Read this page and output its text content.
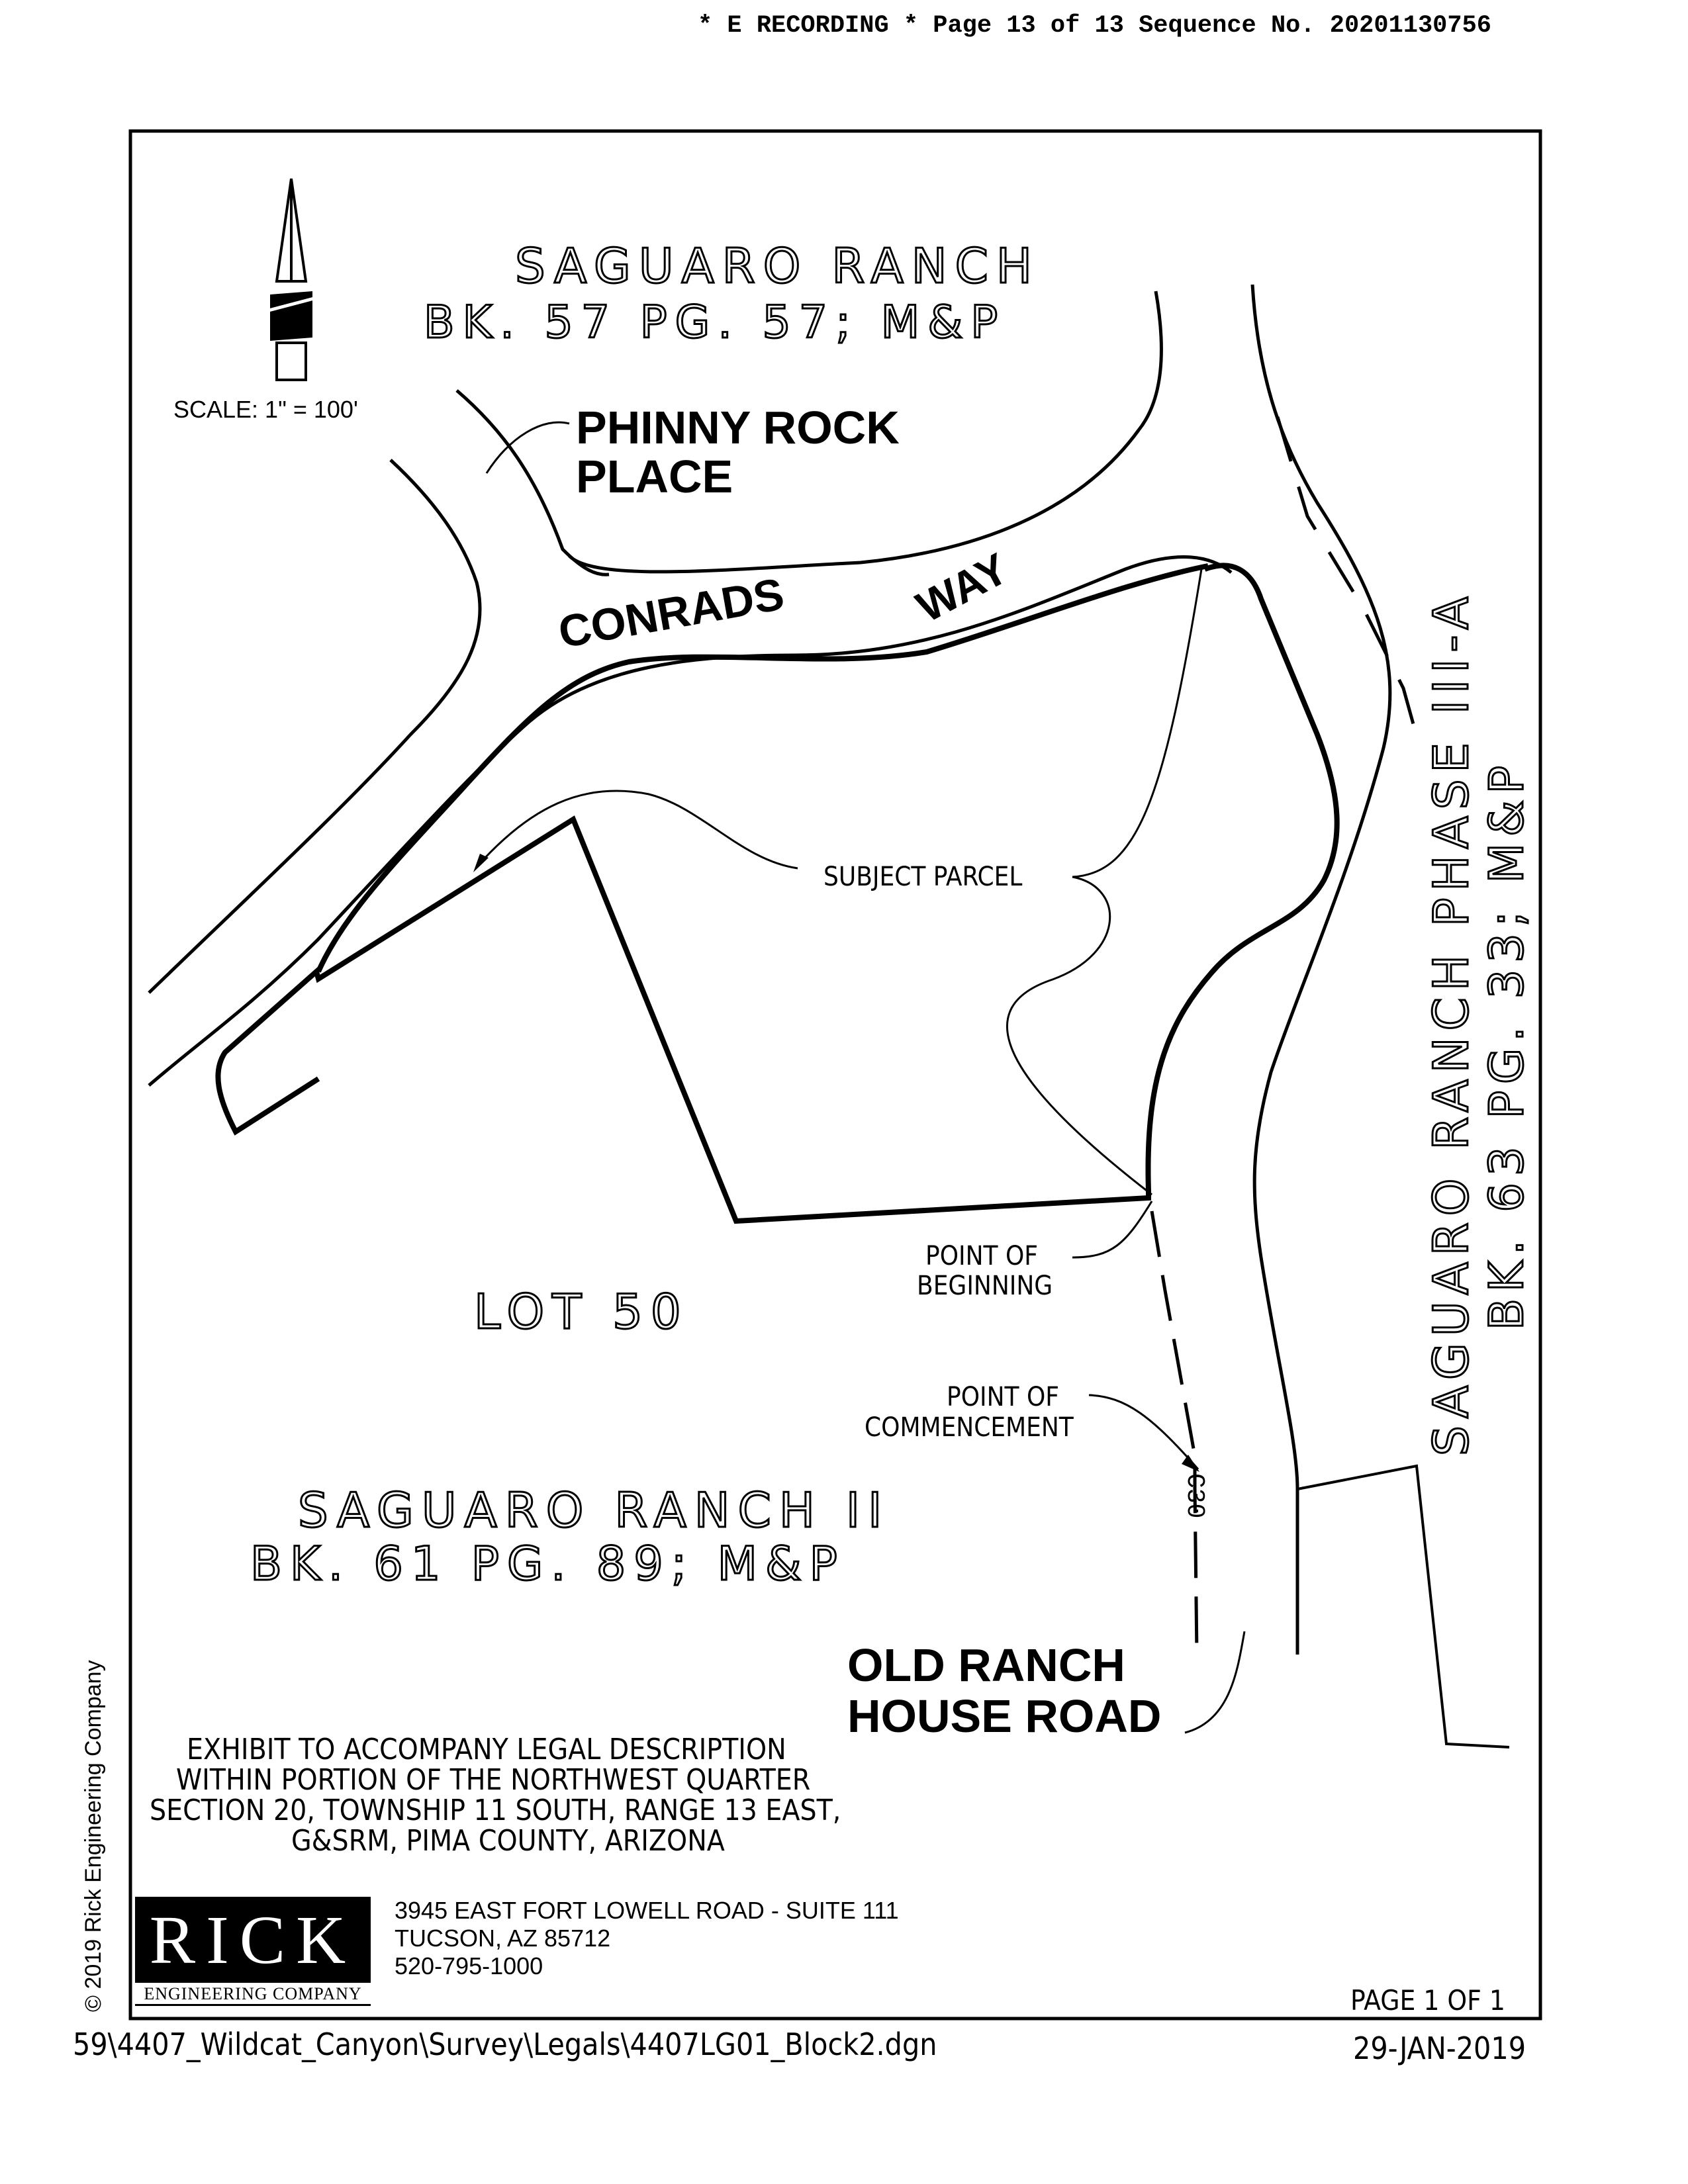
* E RECORDING * Page 13 of 13 Sequence No. 20201130756
SAGUARO RANCH
BK. 57 PG. 57; M&P
SCALE: 1" = 100'	PHINNY ROCK
PLACE
CONRADS	WAY
SUBJECT PARCEL
POINT OF
BEGINNING
LOT 50
POINT OF
COMMENCEMENT
C30
SAGUARO RANCH II
BK. 61 PG. 89; M&P
OLD RANCH
HOUSE ROAD
SAGUARO RANCH PHASE III-A BK. 63 PG. 33; M&P
EXHIBIT TO ACCOMPANY LEGAL DESCRIPTION
WITHIN PORTION OF THE NORTHWEST QUARTER
SECTION 20, TOWNSHIP 11 SOUTH, RANGE 13 EAST,
G&SRM, PIMA COUNTY, ARIZONA
© 2019 Rick Engineering Company RICK
ENGINEERING COMPANY
3945 EAST FORT LOWELL ROAD - SUITE 111
TUCSON, AZ 85712
520-795-1000
PAGE 1 OF 1
59\4407_Wildcat_Canyon\Survey\Legals\4407LG01_Block2.dgn	29-JAN-2019
